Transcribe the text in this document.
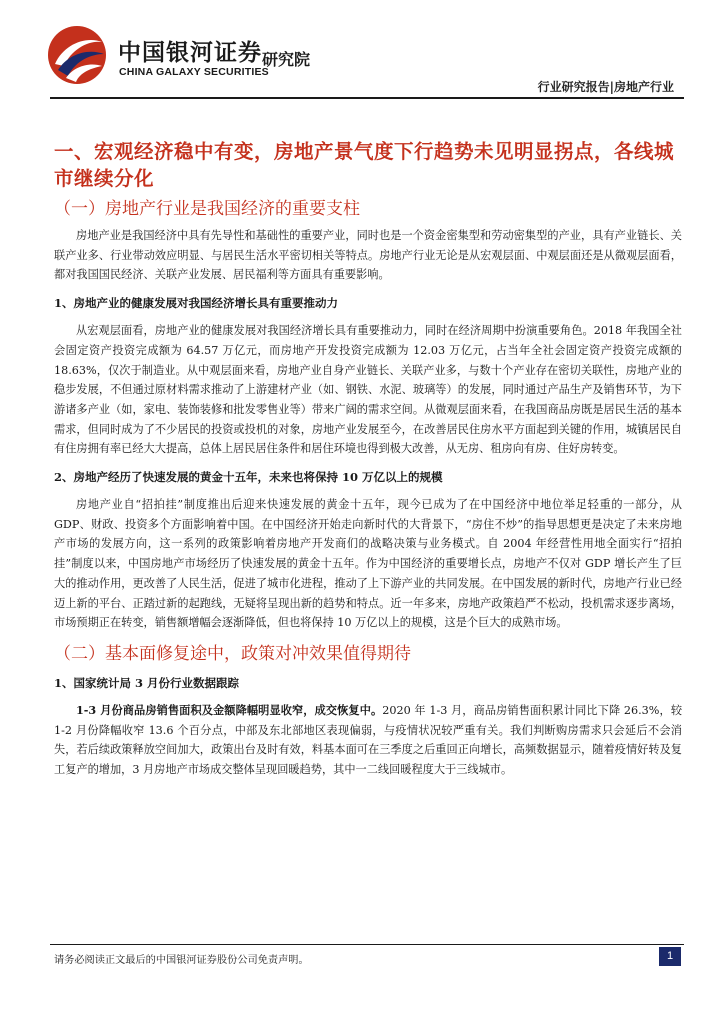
中国银河证券
CHINA GALAXY SECURITIES
研究院
行业研究报告|房地产行业
一、宏观经济稳中有变，房地产景气度下行趋势未见明显拐点，各线城市继续分化
（一）房地产行业是我国经济的重要支柱

房地产业是我国经济中具有先导性和基础性的重要产业，同时也是一个资金密集型和劳动密集型的产业，具有产业链长、关联产业多、行业带动效应明显、与居民生活水平密切相关等特点。房地产行业无论是从宏观层面、中观层面还是从微观层面看，都对我国国民经济、关联产业发展、居民福利等方面具有重要影响。

1、房地产业的健康发展对我国经济增长具有重要推动力

从宏观层面看，房地产业的健康发展对我国经济增长具有重要推动力，同时在经济周期中扮演重要角色。2018 年我国全社会固定资产投资完成额为 64.57 万亿元，而房地产开发投资完成额为 12.03 万亿元，占当年全社会固定资产投资完成额的 18.63%，仅次于制造业。从中观层面来看，房地产业自身产业链长、关联产业多，与数十个产业存在密切关联性，房地产业的稳步发展，不但通过原材料需求推动了上游建材产业（如、钢铁、水泥、玻璃等）的发展，同时通过产品生产及销售环节，为下游诸多产业（如，家电、装饰装修和批发零售业等）带来广阔的需求空间。从微观层面来看，在我国商品房既是居民生活的基本需求，但同时成为了不少居民的投资或投机的对象，房地产业发展至今，在改善居民住房水平方面起到关键的作用，城镇居民自有住房拥有率已经大大提高，总体上居民居住条件和居住环境也得到极大改善，从无房、租房向有房、住好房转变。

2、房地产经历了快速发展的黄金十五年，未来也将保持 10 万亿以上的规模

房地产业自“招拍挂”制度推出后迎来快速发展的黄金十五年，现今已成为了在中国经济中地位举足轻重的一部分，从 GDP、财政、投资多个方面影响着中国。在中国经济开始走向新时代的大背景下，“房住不炒”的指导思想更是决定了未来房地产市场的发展方向，这一系列的政策影响着房地产开发商们的战略决策与业务模式。自 2004 年经营性用地全面实行“招拍挂”制度以来，中国房地产市场经历了快速发展的黄金十五年。作为中国经济的重要增长点，房地产不仅对 GDP 增长产生了巨大的推动作用，更改善了人民生活，促进了城市化进程，推动了上下游产业的共同发展。在中国发展的新时代，房地产行业已经迈上新的平台、正踏过新的起跑线，无疑将呈现出新的趋势和特点。近一年多来，房地产政策趋严不松动，投机需求逐步离场，市场预期正在转变，销售额增幅会逐渐降低，但也将保持 10 万亿以上的规模，这是个巨大的成熟市场。

（二）基本面修复途中，政策对冲效果值得期待
1、国家统计局 3 月份行业数据跟踪

1-3 月份商品房销售面积及金额降幅明显收窄，成交恢复中。2020 年 1-3 月，商品房销售面积累计同比下降 26.3%，较 1-2 月份降幅收窄 13.6 个百分点，中部及东北部地区表现偏弱，与疫情状况较严重有关。我们判断购房需求只会延后不会消失，若后续政策释放空间加大，政策出台及时有效，料基本面可在三季度之后重回正向增长，高频数据显示，随着疫情好转及复工复产的增加，3 月房地产市场成交整体呈现回暖趋势，其中一二线回暖程度大于三线城市。

请务必阅读正文最后的中国银河证券股份公司免责声明。	1
